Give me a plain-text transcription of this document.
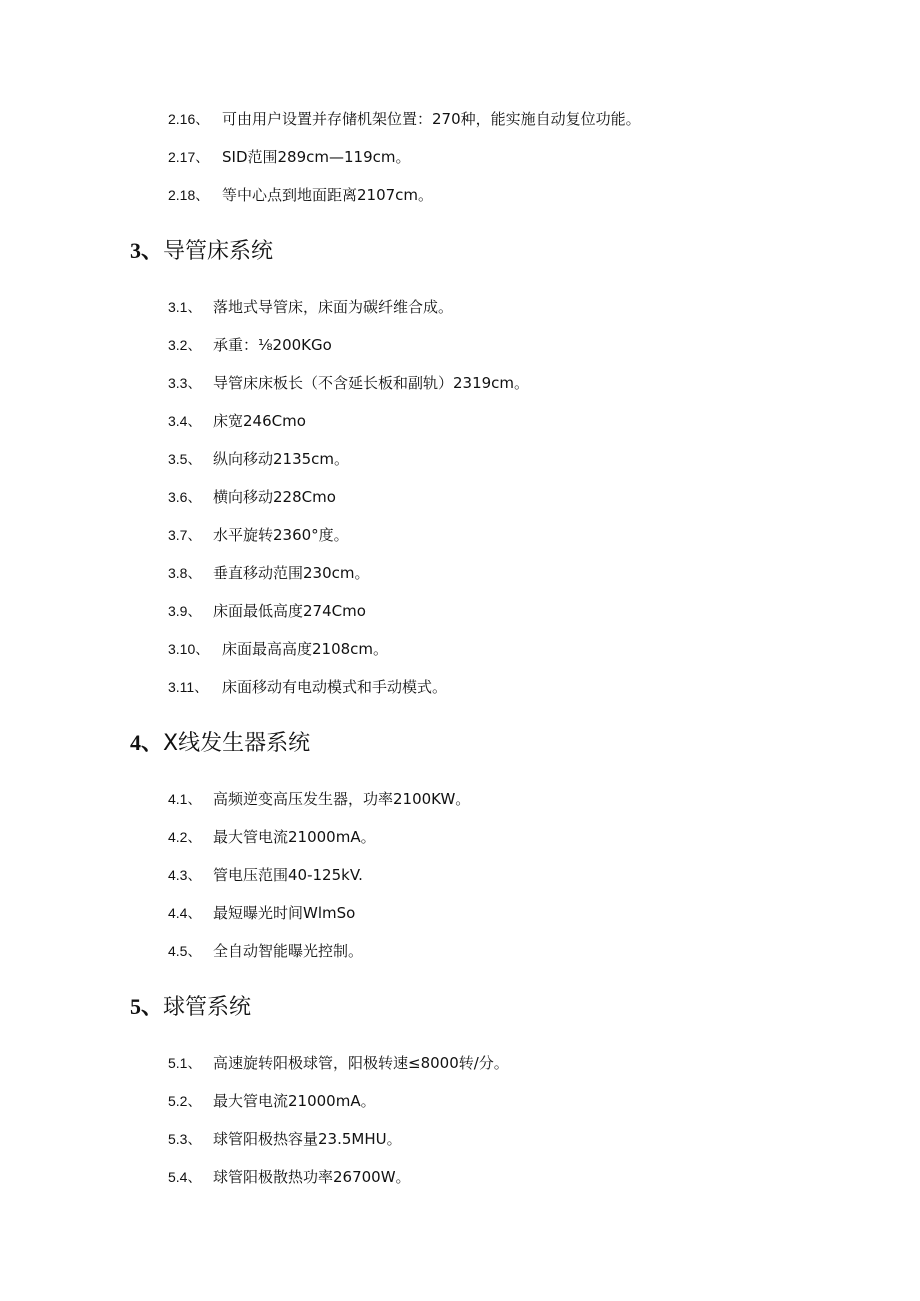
2.16、 可由用户设置并存储机架位置：270种，能实施自动复位功能。
2.17、 SID范围289cm—119cm。
2.18、 等中心点到地面距离2107cm。
3、导管床系统
3.1、 落地式导管床，床面为碳纤维合成。
3.2、 承重：⅛200KGo
3.3、 导管床床板长（不含延长板和副轨）2319cm。
3.4、 床宽246Cmo
3.5、 纵向移动2135cm。
3.6、 横向移动228Cmo
3.7、 水平旋转2360°度。
3.8、 垂直移动范围230cm。
3.9、 床面最低高度274Cmo
3.10、 床面最高高度2108cm。
3.11、 床面移动有电动模式和手动模式。
4、X线发生器系统
4.1、 高频逆变高压发生器，功率2100KW。
4.2、 最大管电流21000mA。
4.3、 管电压范围40-125kV.
4.4、 最短曝光时间WlmSo
4.5、 全自动智能曝光控制。
5、球管系统
5.1、 高速旋转阳极球管，阳极转速≤8000转/分。
5.2、 最大管电流21000mA。
5.3、 球管阳极热容量23.5MHU。
5.4、 球管阳极散热功率26700W。
